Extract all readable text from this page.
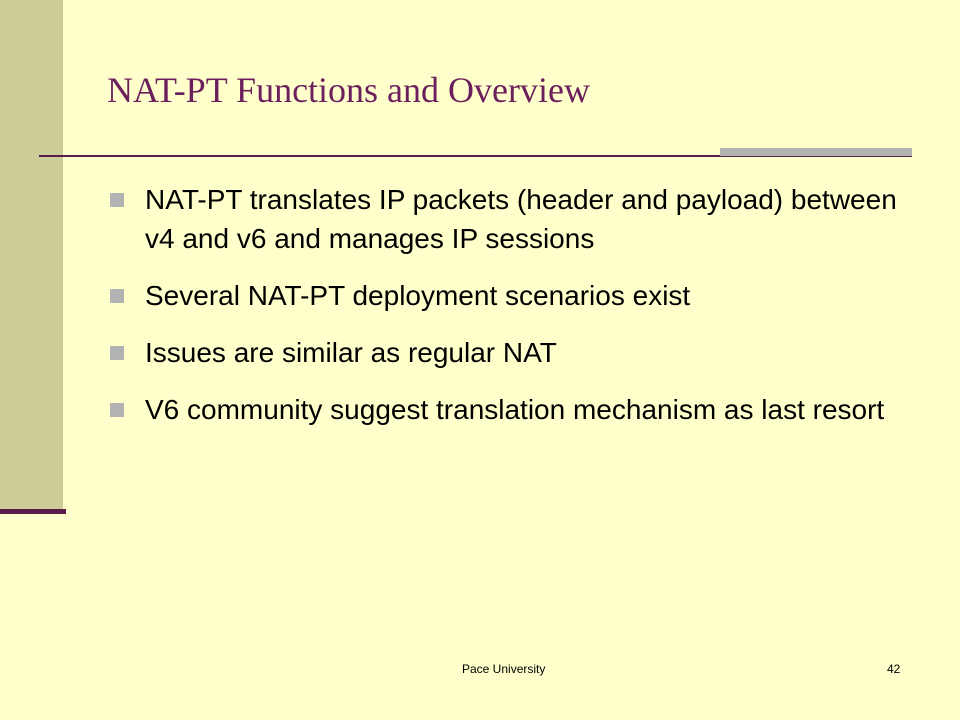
NAT-PT Functions and Overview
NAT-PT translates IP packets (header and payload) between v4 and v6 and manages IP sessions
Several NAT-PT deployment scenarios exist
Issues are similar as regular NAT
V6 community suggest translation mechanism as last resort
Pace University	42
